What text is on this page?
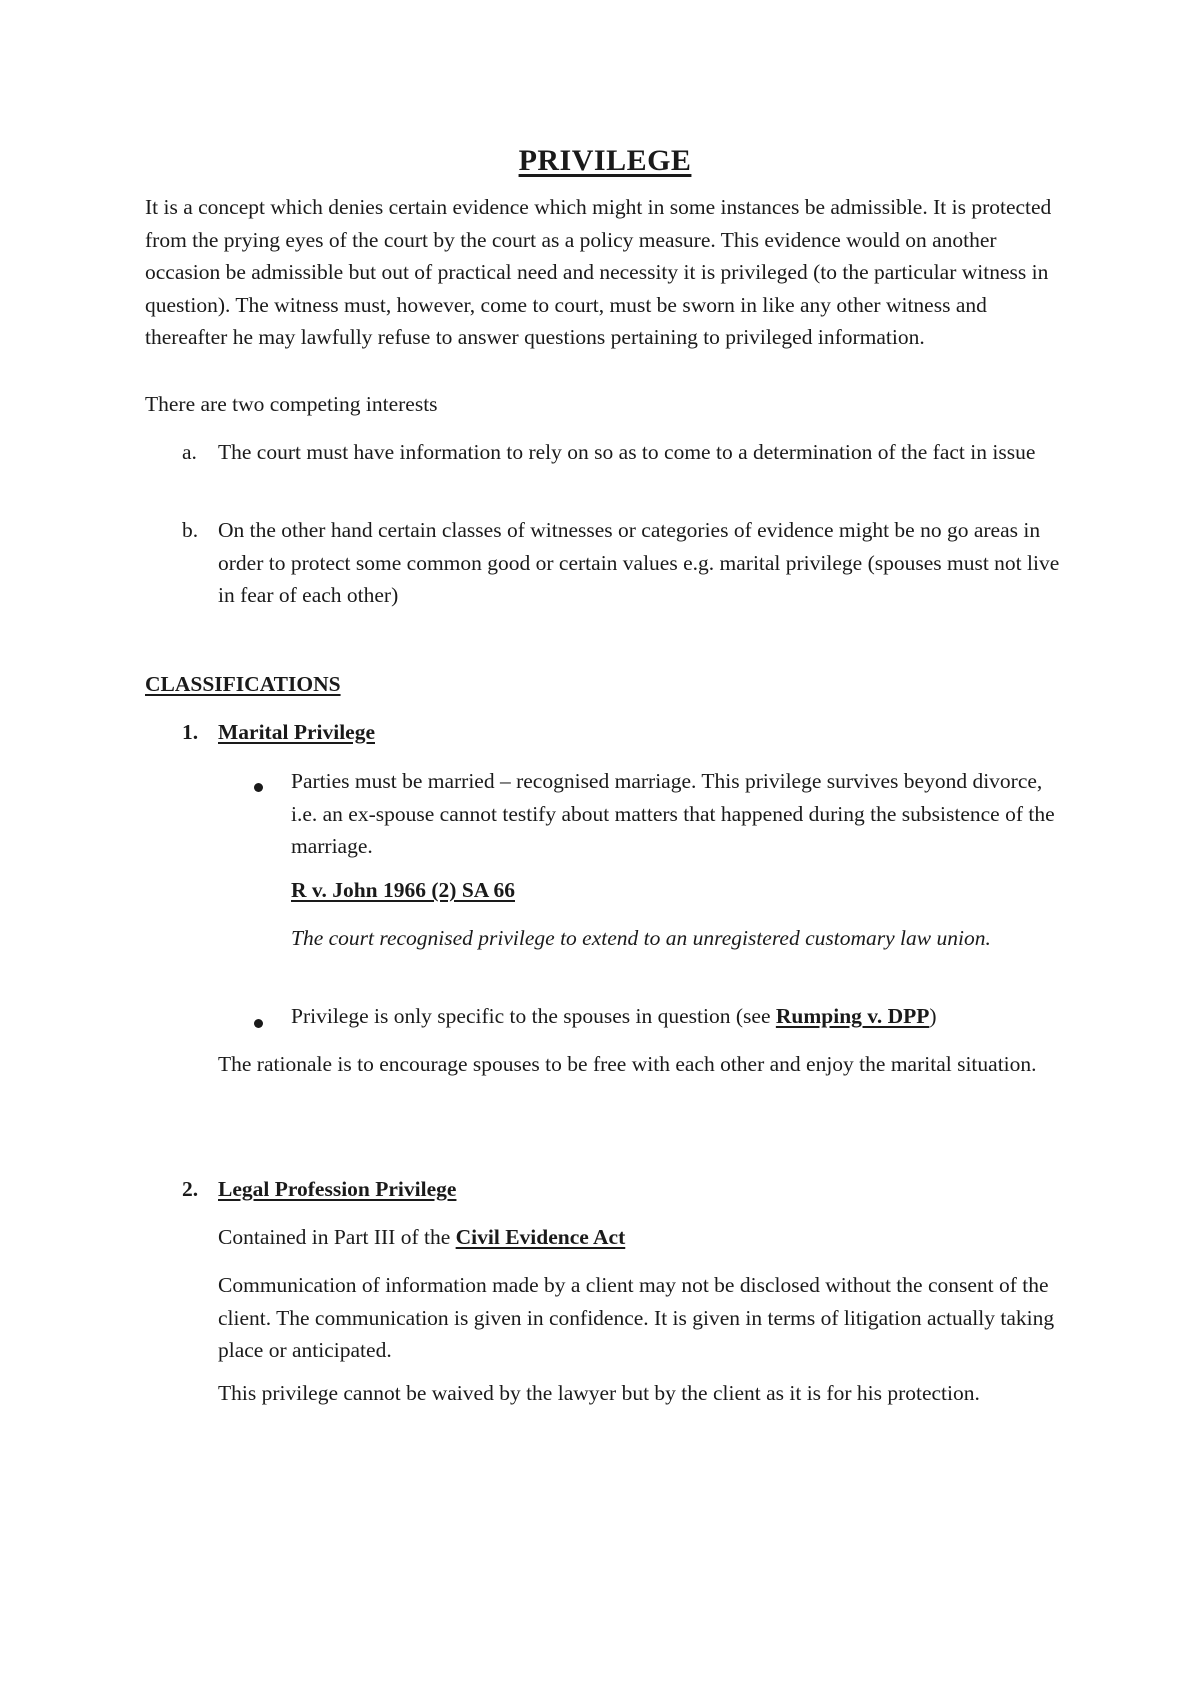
PRIVILEGE

It is a concept which denies certain evidence which might in some instances be admissible. It is protected from the prying eyes of the court by the court as a policy measure. This evidence would on another occasion be admissible but out of practical need and necessity it is privileged (to the particular witness in question). The witness must, however, come to court, must be sworn in like any other witness and thereafter he may lawfully refuse to answer questions pertaining to privileged information.

There are two competing interests

a. The court must have information to rely on so as to come to a determination of the fact in issue

b. On the other hand certain classes of witnesses or categories of evidence might be no go areas in order to protect some common good or certain values e.g. marital privilege (spouses must not live in fear of each other)

CLASSIFICATIONS

1. Marital Privilege

Parties must be married – recognised marriage. This privilege survives beyond divorce, i.e. an ex-spouse cannot testify about matters that happened during the subsistence of the marriage.

R v. John 1966 (2) SA 66

The court recognised privilege to extend to an unregistered customary law union.

Privilege is only specific to the spouses in question (see Rumping v. DPP)

The rationale is to encourage spouses to be free with each other and enjoy the marital situation.

2. Legal Profession Privilege

Contained in Part III of the Civil Evidence Act

Communication of information made by a client may not be disclosed without the consent of the client. The communication is given in confidence. It is given in terms of litigation actually taking place or anticipated.

This privilege cannot be waived by the lawyer but by the client as it is for his protection.
